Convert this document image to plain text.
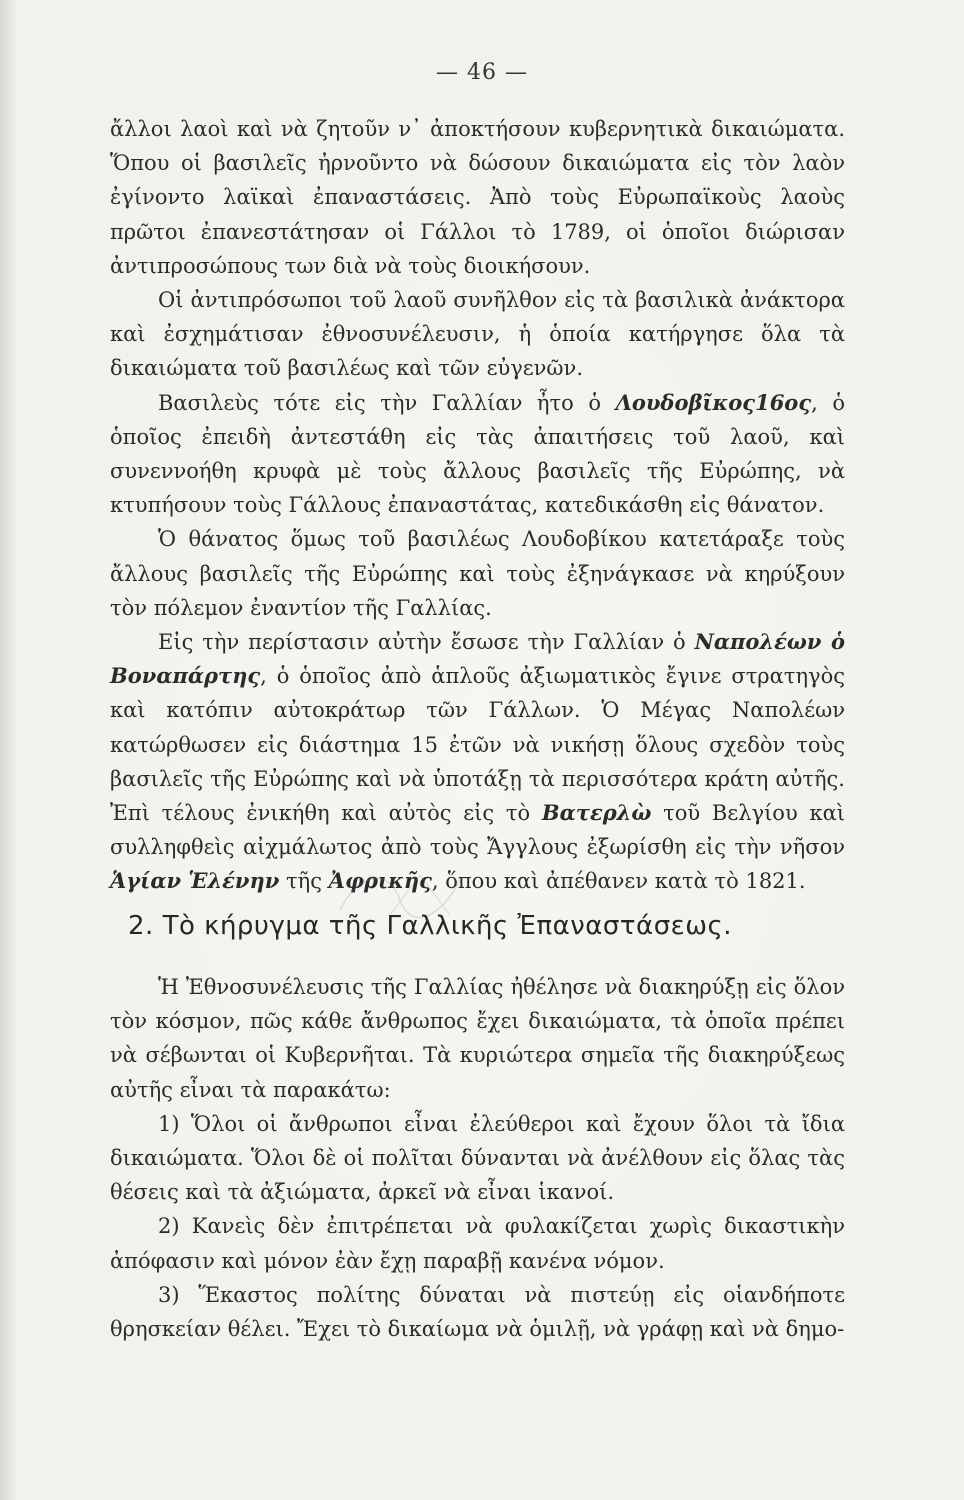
— 46 —

ἄλλοι λαοὶ καὶ νὰ ζητοῦν ν᾿ ἀποκτήσουν κυβερνητικὰ δικαιώματα. Ὅπου οἱ βασιλεῖς ἠρνοῦντο νὰ δώσουν δικαιώματα εἰς τὸν λαὸν ἐγίνοντο λαϊκαὶ ἐπαναστάσεις. Ἀπὸ τοὺς Εὐρωπαϊκοὺς λαοὺς πρῶτοι ἐπανεστάτησαν οἱ Γάλλοι τὸ 1789, οἱ ὁποῖοι διώρισαν ἀντιπροσώπους των διὰ νὰ τοὺς διοικήσουν.

Οἱ ἀντιπρόσωποι τοῦ λαοῦ συνῆλθον εἰς τὰ βασιλικὰ ἀνάκτορα καὶ ἐσχημάτισαν ἐθνοσυνέλευσιν, ἡ ὁποία κατήργησε ὅλα τὰ δικαιώματα τοῦ βασιλέως καὶ τῶν εὐγενῶν.

Βασιλεὺς τότε εἰς τὴν Γαλλίαν ἦτο ὁ Λουδοβῖκος16ος, ὁ ὁποῖος ἐπειδὴ ἀντεστάθη εἰς τὰς ἀπαιτήσεις τοῦ λαοῦ, καὶ συνεννοήθη κρυφὰ μὲ τοὺς ἄλλους βασιλεῖς τῆς Εὐρώπης, νὰ κτυπήσουν τοὺς Γάλλους ἐπαναστάτας, κατεδικάσθη εἰς θάνατον.

Ὁ θάνατος ὅμως τοῦ βασιλέως Λουδοβίκου κατετάραξε τοὺς ἄλλους βασιλεῖς τῆς Εὐρώπης καὶ τοὺς ἐξηνάγκασε νὰ κηρύξουν τὸν πόλεμον ἐναντίον τῆς Γαλλίας.

Εἰς τὴν περίστασιν αὐτὴν ἔσωσε τὴν Γαλλίαν ὁ Ναπολέων ὁ Βοναπάρτης, ὁ ὁποῖος ἀπὸ ἁπλοῦς ἀξιωματικὸς ἔγινε στρατηγὸς καὶ κατόπιν αὐτοκράτωρ τῶν Γάλλων. Ὁ Μέγας Ναπολέων κατώρθωσεν εἰς διάστημα 15 ἐτῶν νὰ νικήσῃ ὅλους σχεδὸν τοὺς βασιλεῖς τῆς Εὐρώπης καὶ νὰ ὑποτάξῃ τὰ περισσότερα κράτη αὐτῆς. Ἐπὶ τέλους ἐνικήθη καὶ αὐτὸς εἰς τὸ Βατερλὼ τοῦ Βελγίου καὶ συλληφθεὶς αἰχμάλωτος ἀπὸ τοὺς Ἄγγλους ἐξωρίσθη εἰς τὴν νῆσον Ἁγίαν Ἑλένην τῆς Ἀφρικῆς, ὅπου καὶ ἀπέθανεν κατὰ τὸ 1821.

2. Τὸ κήρυγμα τῆς Γαλλικῆς Ἐπαναστάσεως.

Ἡ Ἐθνοσυνέλευσις τῆς Γαλλίας ἠθέλησε νὰ διακηρύξῃ εἰς ὅλον τὸν κόσμον, πῶς κάθε ἄνθρωπος ἔχει δικαιώματα, τὰ ὁποῖα πρέπει νὰ σέβωνται οἱ Κυβερνῆται. Τὰ κυριώτερα σημεῖα τῆς διακηρύξεως αὐτῆς εἶναι τὰ παρακάτω:

1) Ὅλοι οἱ ἄνθρωποι εἶναι ἐλεύθεροι καὶ ἔχουν ὅλοι τὰ ἴδια δικαιώματα. Ὅλοι δὲ οἱ πολῖται δύνανται νὰ ἀνέλθουν εἰς ὅλας τὰς θέσεις καὶ τὰ ἀξιώματα, ἀρκεῖ νὰ εἶναι ἱκανοί.

2) Κανεὶς δὲν ἐπιτρέπεται νὰ φυλακίζεται χωρὶς δικαστικὴν ἀπόφασιν καὶ μόνον ἐὰν ἔχῃ παραβῇ κανένα νόμον.

3) Ἕκαστος πολίτης δύναται νὰ πιστεύῃ εἰς οἱανδήποτε θρησκείαν θέλει. Ἔχει τὸ δικαίωμα νὰ ὁμιλῇ, νὰ γράφῃ καὶ νὰ δημο-
